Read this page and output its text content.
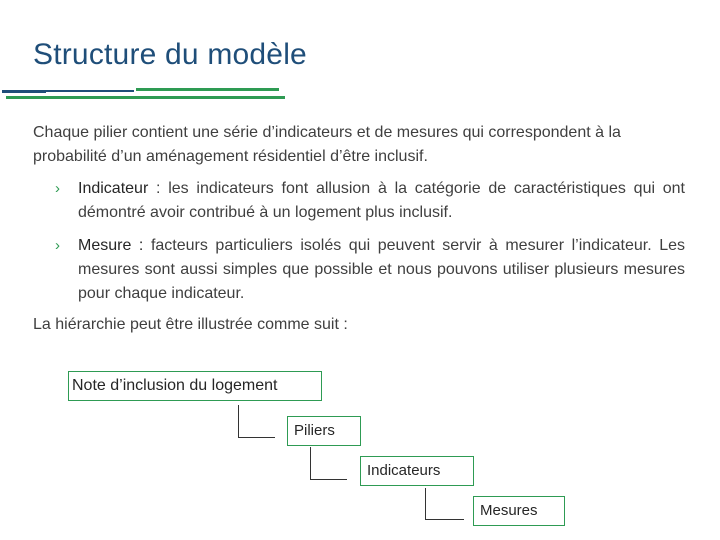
Structure du modèle
Chaque pilier contient une série d’indicateurs et de mesures qui correspondent à la probabilité d’un aménagement résidentiel d’être inclusif.
›	Indicateur : les indicateurs font allusion à la catégorie de caractéristiques qui ont démontré avoir contribué à un logement plus inclusif.
›	Mesure : facteurs particuliers isolés qui peuvent servir à mesurer l’indicateur. Les mesures sont aussi simples que possible et nous pouvons utiliser plusieurs mesures pour chaque indicateur.
La hiérarchie peut être illustrée comme suit :
Note d’inclusion du logement
Piliers
Indicateurs
Mesures
